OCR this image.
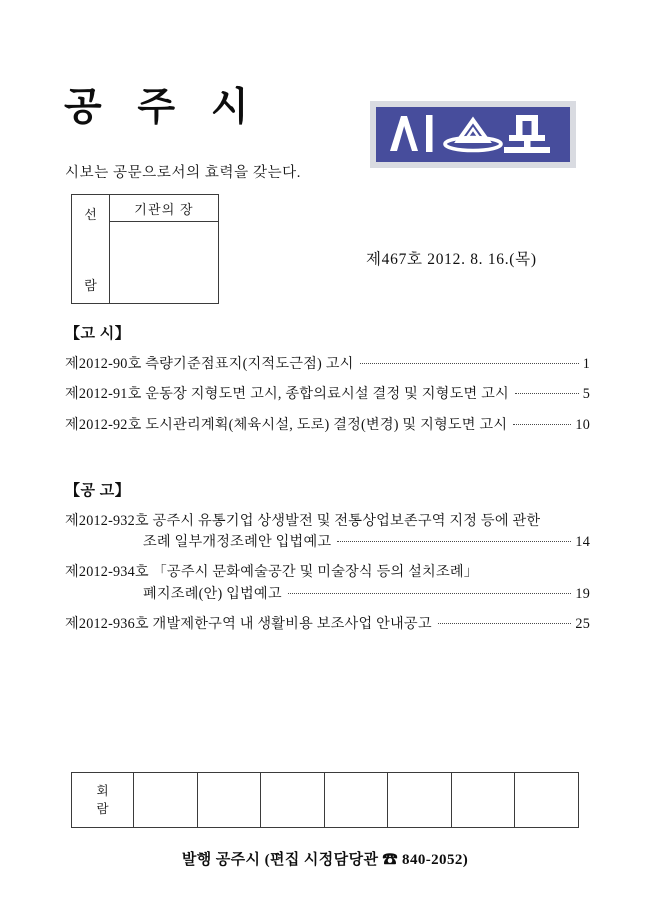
공 주 시
시보는 공문으로서의 효력을 갖는다.
선
람
기관의 장
제467호 2012. 8. 16.(목)
【고 시】
제2012-90호 측량기준점표지(지적도근점) 고시	1
제2012-91호 운동장 지형도면 고시, 종합의료시설 결정 및 지형도면 고시	5
제2012-92호 도시관리계획(체육시설, 도로) 결정(변경) 및 지형도면 고시	10
【공 고】
제2012-932호 공주시 유통기업 상생발전 및 전통상업보존구역 지정 등에 관한
조례 일부개정조례안 입법예고	14
제2012-934호 「공주시 문화예술공간 및 미술장식 등의 설치조례」
폐지조례(안) 입법예고	19
제2012-936호 개발제한구역 내 생활비용 보조사업 안내공고	25
회
람
발행 공주시 (편집 시정담당관 ☎ 840-2052)
